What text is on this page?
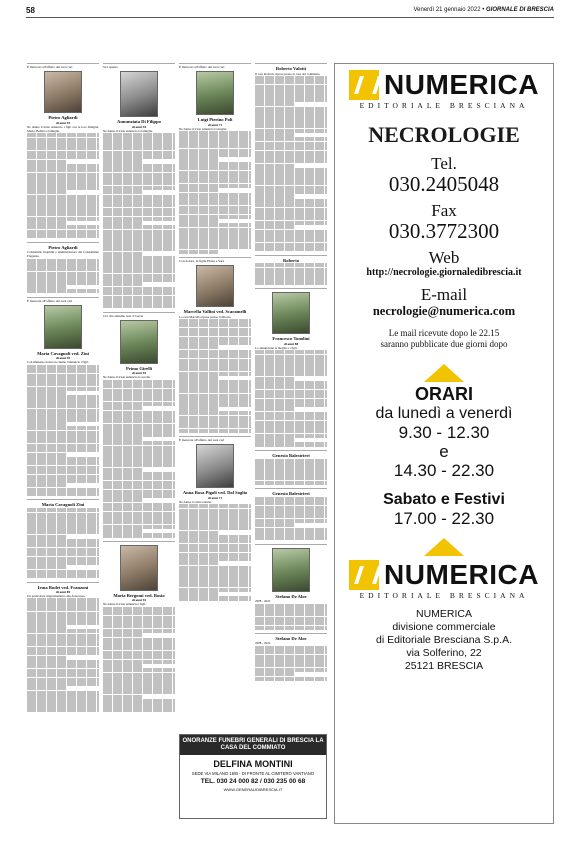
58	Venerdì 21 gennaio 2022 • GIORNALE DI BRESCIA
È mancato all'affetto dei suoi cari
Pietro Agliardi
di anni 92

Ne danno il triste annuncio i figli con le loro famiglie, Maria, Bettina e famiglie.

Pietro Agliardi

Condomini, Inquilini e amministratore del Condominio Eleganza.

È mancata all'affetto dei suoi cari
Maria Cavagnoli ved. Zini
di anni 95

Con immenso dolore ne danno l'annuncio i figli.

Maria Cavagnoli Zini
Irma Bodei ved. Franzoni
di anni 89

Un particolare ringraziamento alla dottoressa.

Si è spenta
Annunziata Di Filippo
di anni 94

Ne danno il triste annuncio la famiglia.

Ciò che amiamo non ci lascia
Primo Girelli
di anni 93

Ne danno il triste annuncio le sorelle.

Maria Bergomi ved. Bosio
di anni 92

Ne danno il triste annuncio i figli.

È mancato all'affetto dei suoi cari
Luigi Pierino Poli
di anni 71

Ne danno il triste annuncio la moglie.

Con dolore, le figlie Elena e Sara
Marcella Vallini ved. Scaramelli

La cara Marcella riposa presso l'obitorio.

È mancata all'affetto dei suoi cari
Anna Rosa Pigoli ved. Dal Soglio
di anni 71

Ne danno la triste notizia.

Roberto Valotti

Il caro Roberto riposa presso la casa del commiato.

Roberto
Francesco Tonolini
di anni 88

Lo annunciano la moglie e i figli.

Genesio Balestrieri
Genesio Balestrieri
Stefano De Aloe

2008 - 2022

Stefano De Aloe

2008 - 2022

ONORANZE FUNEBRI GENERALI DI BRESCIA LA CASA DEL COMMIATO
DELFINA MONTINI
SEDE VIA MILANO 16/B - DI FRONTE AL CIMITERO VANTIANO
TEL. 030 24 000 82 / 030 235 00 68
WWW.GENERALIDIBRESCIA.IT
NUMERICA
EDITORIALE BRESCIANA
NECROLOGIE
Tel.
030.2405048
Fax
030.3772300
Web
http://necrologie.giornaledibrescia.it
E-mail
necrologie@numerica.com
Le mail ricevute dopo le 22.15
saranno pubblicate due giorni dopo
ORARI
da lunedì a venerdì
9.30 - 12.30
e
14.30 - 22.30
Sabato e Festivi
17.00 - 22.30
NUMERICA
EDITORIALE BRESCIANA
NUMERICA
divisione commerciale
di Editoriale Bresciana S.p.A.
via Solferino, 22
25121 BRESCIA
